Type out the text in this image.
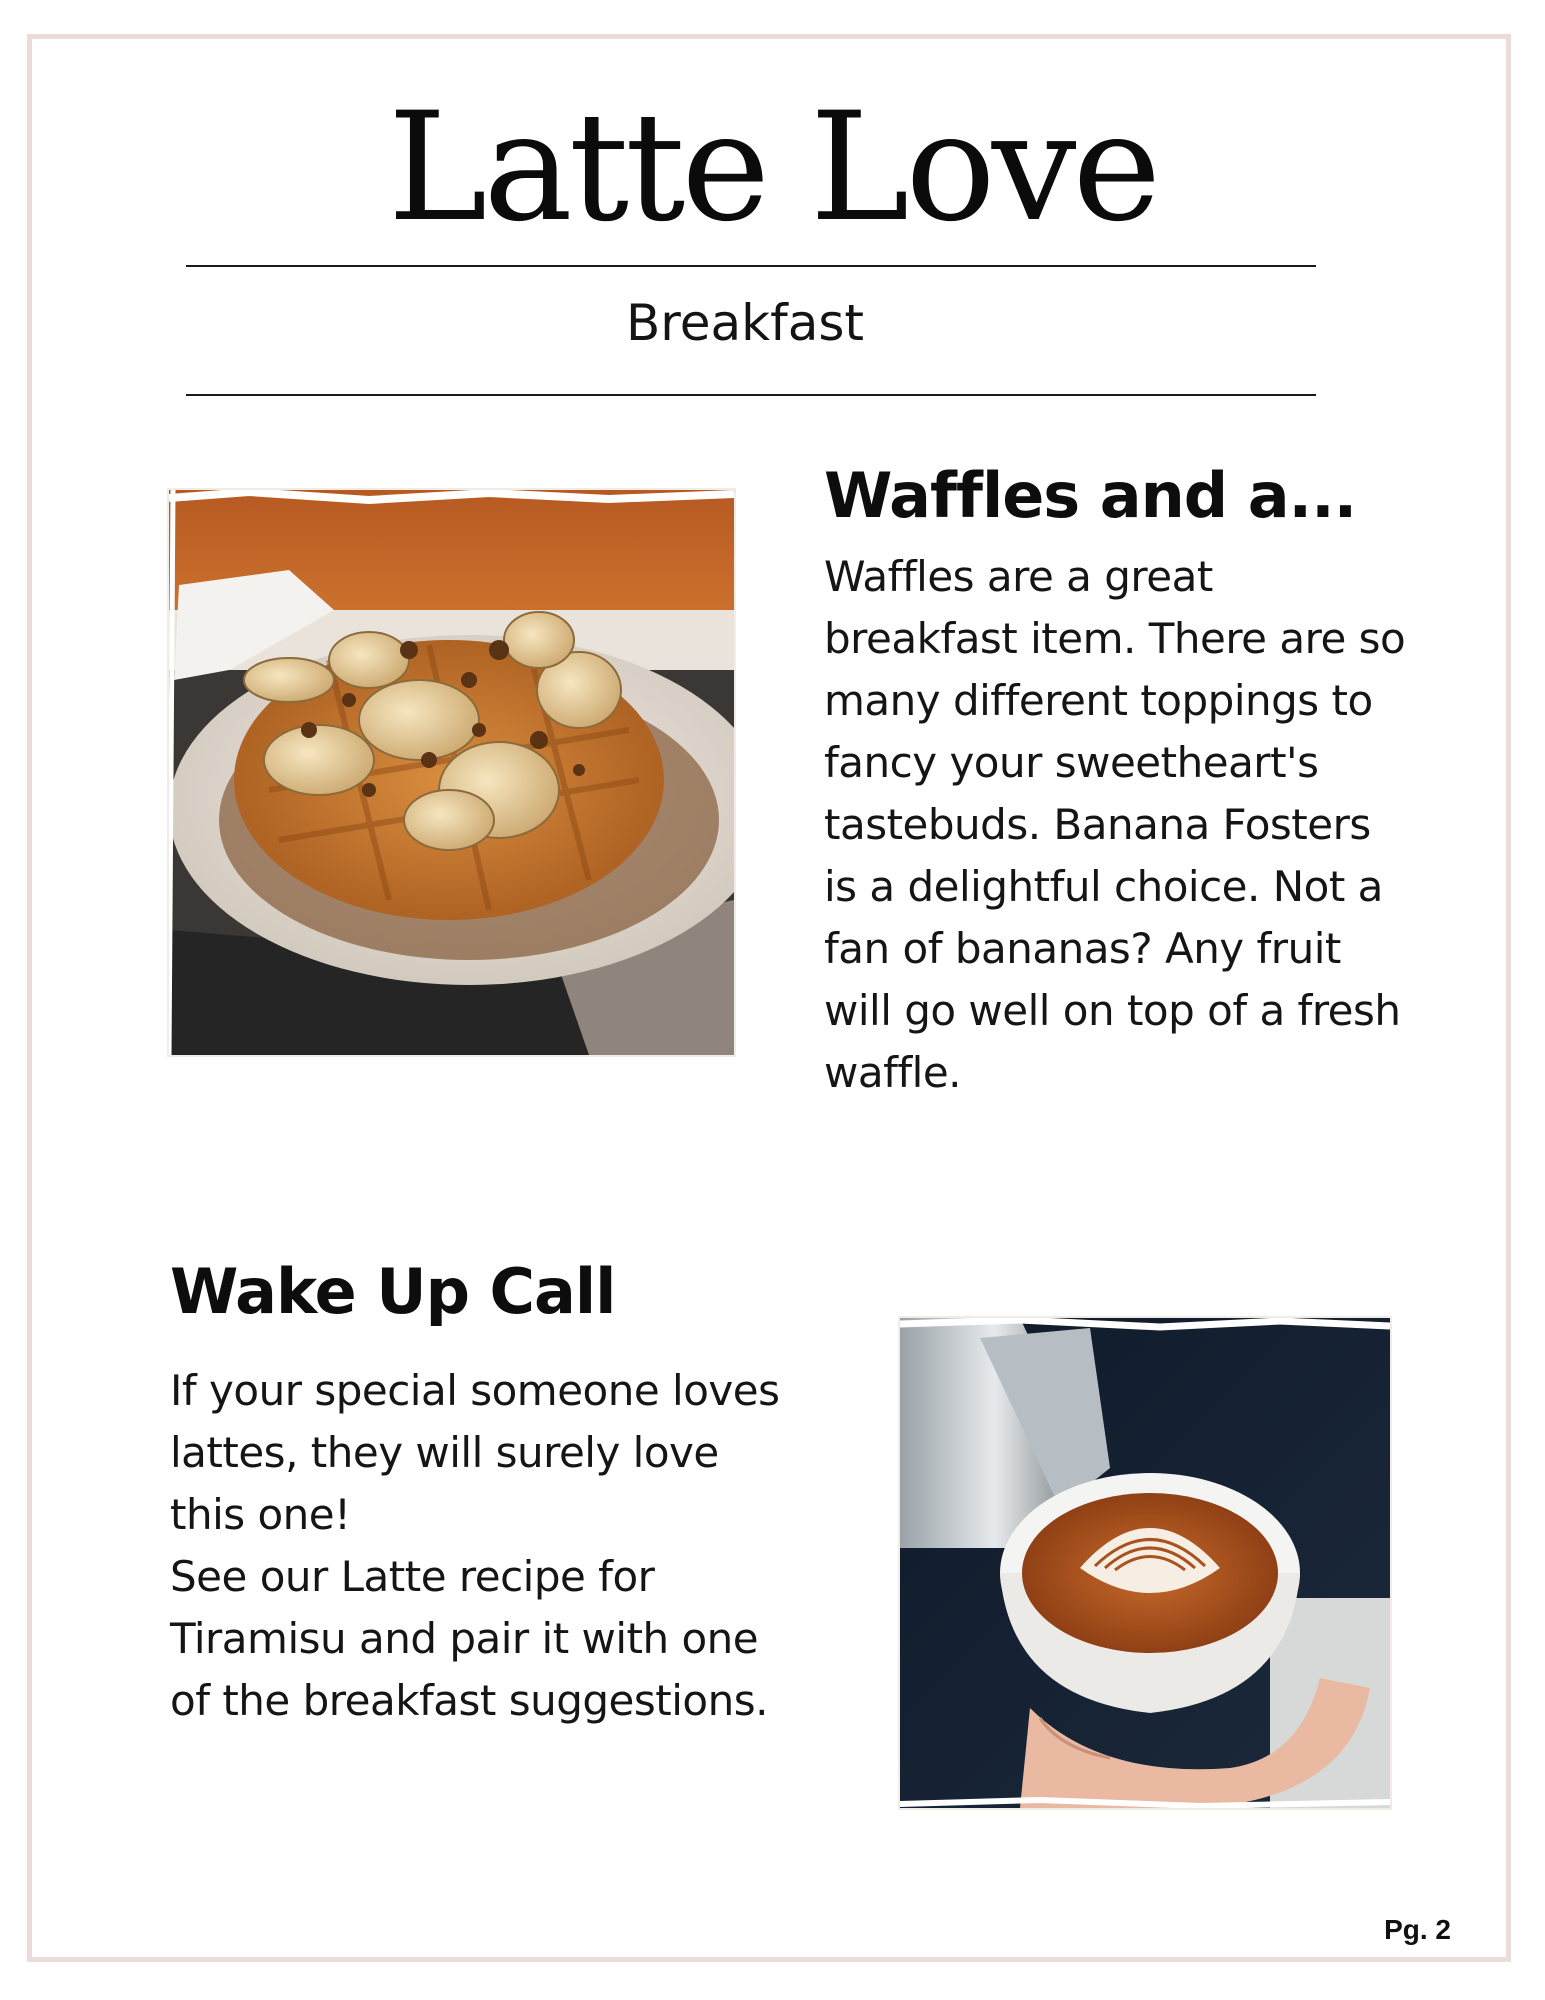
Latte Love
Breakfast
Waffles and a...

Waffles are a great
breakfast item. There are so
many different toppings to
fancy your sweetheart's
tastebuds. Banana Fosters
is a delightful choice. Not a
fan of bananas? Any fruit
will go well on top of a fresh
waffle.

Wake Up Call

If your special someone loves
lattes, they will surely love
this one!
See our Latte recipe for
Tiramisu and pair it with one
of the breakfast suggestions.

Pg. 2
